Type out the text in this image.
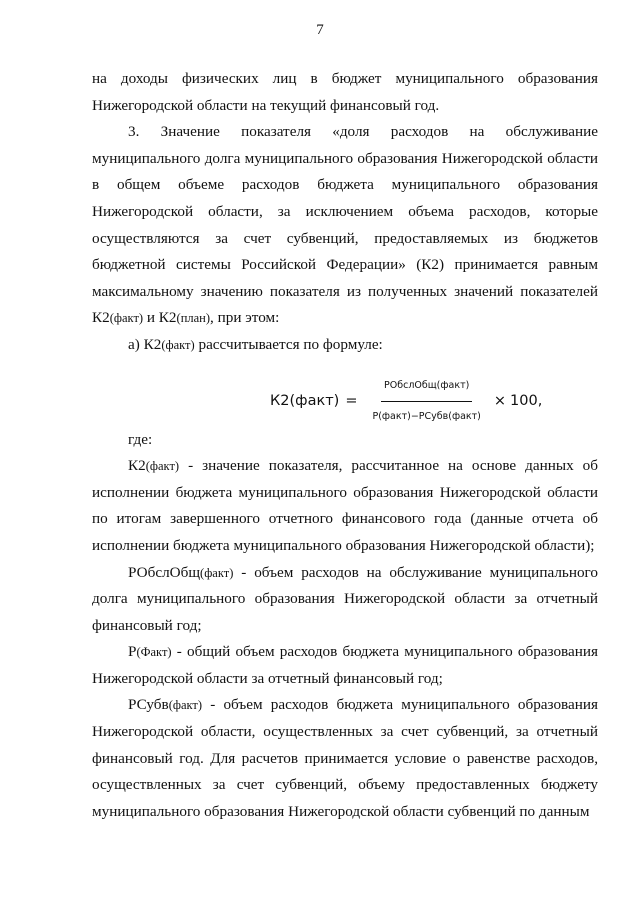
7

на доходы физических лиц в бюджет муниципального образования Нижегородской области на текущий финансовый год.

3. Значение показателя «доля расходов на обслуживание муниципального долга муниципального образования Нижегородской области в общем объеме расходов бюджета муниципального образования Нижегородской области, за исключением объема расходов, которые осуществляются за счет субвенций, предоставляемых из бюджетов бюджетной системы Российской Федерации» (К2) принимается равным максимальному значению показателя из полученных значений показателей К2(факт) и К2(план), при этом:

а) К2(факт) рассчитывается по формуле:

К2(факт) = $\frac{\text{РОбслОбщ(факт)}}{\text{Р(факт)−РСубв(факт)}} \times 100$,

где:

К2(факт) - значение показателя, рассчитанное на основе данных об исполнении бюджета муниципального образования Нижегородской области по итогам завершенного отчетного финансового года (данные отчета об исполнении бюджета муниципального образования Нижегородской области);

РОбслОбщ(факт) - объем расходов на обслуживание муниципального долга муниципального образования Нижегородской области за отчетный финансовый год;

Р(Факт) - общий объем расходов бюджета муниципального образования Нижегородской области за отчетный финансовый год;

РСубв(факт) - объем расходов бюджета муниципального образования Нижегородской области, осуществленных за счет субвенций, за отчетный финансовый год. Для расчетов принимается условие о равенстве расходов, осуществленных за счет субвенций, объему предоставленных бюджету муниципального образования Нижегородской области субвенций по данным
